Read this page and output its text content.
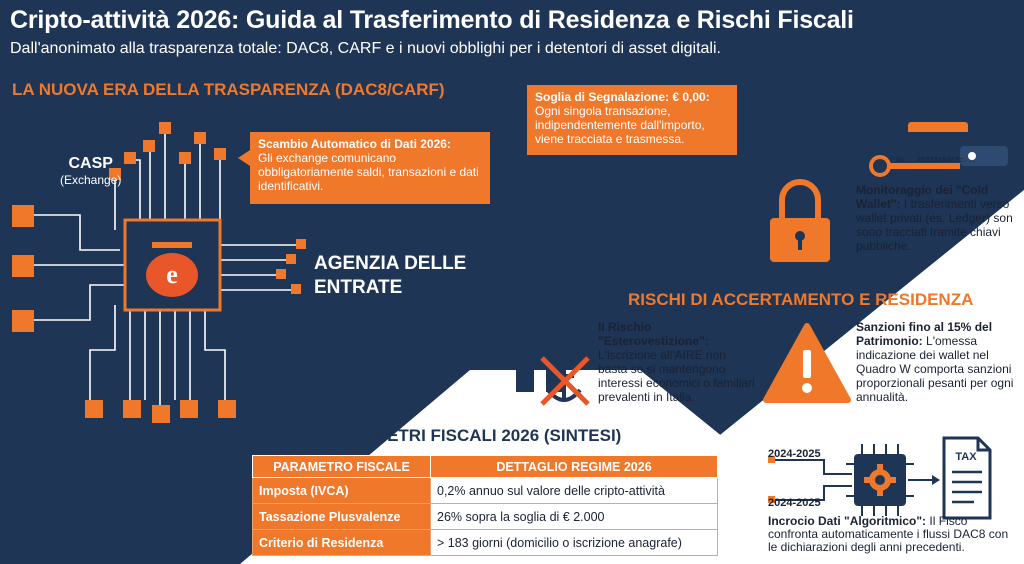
Cripto-attività 2026: Guida al Trasferimento di Residenza e Rischi Fiscali
Dall'anonimato alla trasparenza totale: DAC8, CARF e i nuovi obblighi per i detentori di asset digitali.
LA NUOVA ERA DELLA TRASPARENZA (DAC8/CARF)
e
CASP
(Exchange)
AGENZIA DELLE ENTRATE
Scambio Automatico di Dati 2026:
Gli exchange comunicano obbligatoriamente saldi, transazioni e dati identificativi.
Soglia di Segnalazione: € 0,00:
Ogni singola transazione, indipendentemente dall'importo, viene tracciata e trasmessa.
0x...4562345467c...
Monitoraggio dei "Cold Wallet": I trasferimenti verso wallet privati (es. Ledger) son sono tracciati tramite chiavi pubbliche.
RISCHI DI ACCERTAMENTO E RESIDENZA
Il Rischio "Esterovestizione": L'iscrizione all'AIRE non basta se si mantengono interessi economici o familiari prevalenti in Italia.
Sanzioni fino al 15% del Patrimonio: L'omessa indicazione dei wallet nel Quadro W comporta sanzioni proporzionali pesanti per ogni annualità.
PARAMETRI FISCALI 2026 (SINTESI)
PARAMETRO FISCALE	DETTAGLIO REGIME 2026
Imposta (IVCA)	0,2% annuo sul valore delle cripto-attività
Tassazione Plusvalenze	26% sopra la soglia di € 2.000
Criterio di Residenza	> 183 giorni (domicilio o iscrizione anagrafe)
TAX
2024-2025
2024-2025
Incrocio Dati "Algoritmico": Il Fisco confronta automaticamente i flussi DAC8 con le dichiarazioni degli anni precedenti.
